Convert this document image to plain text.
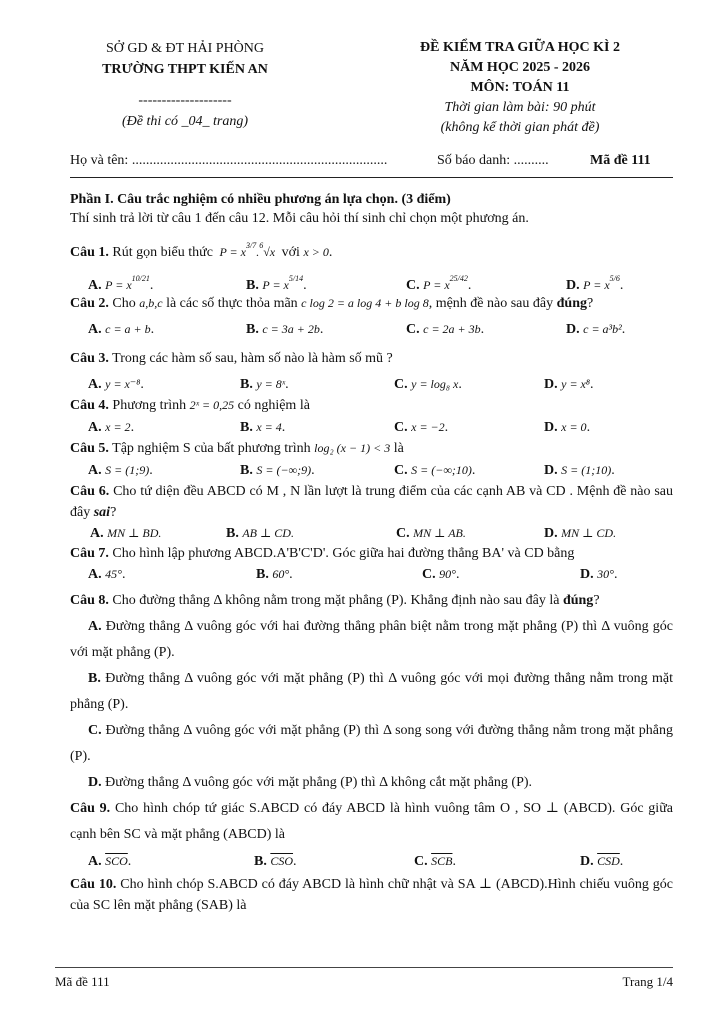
SỞ GD & ĐT HẢI PHÒNG
TRƯỜNG THPT KIẾN AN
--------------------
(Đề thi có _04_ trang)
ĐỀ KIỂM TRA GIỮA HỌC KÌ 2
NĂM HỌC 2025 - 2026
MÔN: TOÁN 11
Thời gian làm bài: 90 phút
(không kể thời gian phát đề)
Họ và tên: .........................................................................	Số báo danh: ..........	Mã đề 111
Phần I. Câu trắc nghiệm có nhiều phương án lựa chọn. (3 điểm)
Thí sinh trả lời từ câu 1 đến câu 12. Mỗi câu hỏi thí sinh chỉ chọn một phương án.
Câu 1. Rút gọn biểu thức  $P = x^{3/7}.^6√x$  với x > 0.
A. $P = x^{10/21}$.	B. $P = x^{5/14}$.	C. $P = x^{25/42}$.	D. $P = x^{5/6}$.
Câu 2. Cho a,b,c là các số thực thỏa mãn c log 2 = a log 4 + b log 8, mệnh đề nào sau đây đúng?
A. c = a + b.	B. c = 3a + 2b.	C. c = 2a + 3b.	D. c = a³b².
Câu 3. Trong các hàm số sau, hàm số nào là hàm số mũ ?
A. y = x⁻⁸.	B. y = 8ˣ.	C. y = log₈ x.	D. y = x⁸.
Câu 4. Phương trình 2ˣ = 0,25 có nghiệm là
A. x = 2.	B. x = 4.	C. x = −2.	D. x = 0.
Câu 5. Tập nghiệm S của bất phương trình log₂ (x − 1) < 3 là
A. S = (1;9).	B. S = (−∞;9).	C. S = (−∞;10).	D. S = (1;10).
Câu 6. Cho tứ diện đều ABCD có M , N lần lượt là trung điểm của các cạnh AB và CD . Mệnh đề nào sau đây sai?
A. MN ⊥ BD.	B. AB ⊥ CD.	C. MN ⊥ AB.	D. MN ⊥ CD.
Câu 7. Cho hình lập phương ABCD.A'B'C'D'. Góc giữa hai đường thẳng BA' và CD bằng
A. 45°.	B. 60°.	C. 90°.	D. 30°.
Câu 8. Cho đường thẳng Δ không nằm trong mặt phẳng (P). Khẳng định nào sau đây là đúng?
A. Đường thẳng Δ vuông góc với hai đường thẳng phân biệt nằm trong mặt phẳng (P) thì Δ vuông góc với mặt phẳng (P).
B. Đường thẳng Δ vuông góc với mặt phẳng (P) thì Δ vuông góc với mọi đường thẳng nằm trong mặt phẳng (P).
C. Đường thẳng Δ vuông góc với mặt phẳng (P) thì Δ song song với đường thẳng nằm trong mặt phẳng (P).
D. Đường thẳng Δ vuông góc với mặt phẳng (P) thì Δ không cắt mặt phẳng (P).
Câu 9. Cho hình chóp tứ giác S.ABCD có đáy ABCD là hình vuông tâm O , SO ⊥ (ABCD). Góc giữa cạnh bên SC và mặt phẳng (ABCD) là
A. $\overline{SCO}$.	B. $\overline{CSO}$.	C. $\overline{SCB}$.	D. $\overline{CSD}$.
Câu 10. Cho hình chóp S.ABCD có đáy ABCD là hình chữ nhật và SA ⊥ (ABCD).Hình chiếu vuông góc của SC lên mặt phẳng (SAB) là
Mã đề 111	Trang 1/4
